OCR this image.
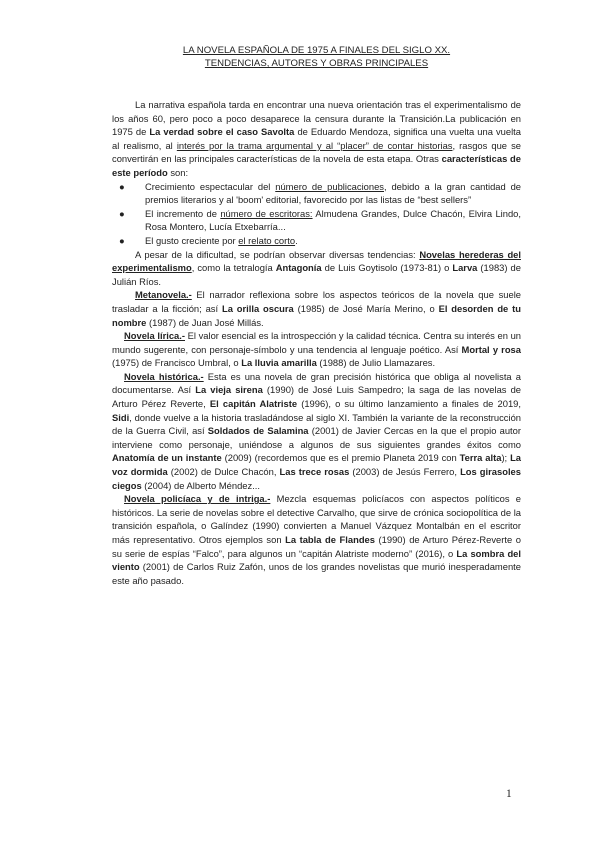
LA NOVELA ESPAÑOLA DE 1975 A FINALES DEL SIGLO XX.
TENDENCIAS, AUTORES Y OBRAS PRINCIPALES

La narrativa española tarda en encontrar una nueva orientación tras el experimentalismo de los años 60, pero poco a poco desaparece la censura durante la Transición.La publicación en 1975 de La verdad sobre el caso Savolta de Eduardo Mendoza, significa una vuelta una vuelta al realismo, al interés por la trama argumental y al “placer” de contar historias, rasgos que se convertirán en las principales características de la novela de esta etapa. Otras características de este período son:

● Crecimiento espectacular del número de publicaciones, debido a la gran cantidad de premios literarios y al 'boom' editorial, favorecido por las listas de “best sellers”
● El incremento de número de escritoras: Almudena Grandes, Dulce Chacón, Elvira Lindo, Rosa Montero, Lucía Etxebarría...
● El gusto creciente por el relato corto.

A pesar de la dificultad, se podrían observar diversas tendencias: Novelas herederas del experimentalismo, como la tetralogía Antagonía de Luis Goytisolo (1973-81) o Larva (1983) de Julián Ríos.

Metanovela.- El narrador reflexiona sobre los aspectos teóricos de la novela que suele trasladar a la ficción; así La orilla oscura (1985) de José María Merino, o El desorden de tu nombre (1987) de Juan José Millás.

Novela lírica.- El valor esencial es la introspección y la calidad técnica. Centra su interés en un mundo sugerente, con personaje-símbolo y una tendencia al lenguaje poético. Así Mortal y rosa (1975) de Francisco Umbral, o La lluvia amarilla (1988) de Julio Llamazares.

Novela histórica.- Esta es una novela de gran precisión histórica que obliga al novelista a documentarse. Así La vieja sirena (1990) de José Luis Sampedro; la saga de las novelas de Arturo Pérez Reverte, El capitán Alatriste (1996), o su último lanzamiento a finales de 2019, Sidi, donde vuelve a la historia trasladándose al siglo XI. También la variante de la reconstrucción de la Guerra Civil, así Soldados de Salamina (2001) de Javier Cercas en la que el propio autor interviene como personaje, uniéndose a algunos de sus siguientes grandes éxitos como Anatomía de un instante (2009) (recordemos que es el premio Planeta 2019 con Terra alta); La voz dormida (2002) de Dulce Chacón, Las trece rosas (2003) de Jesús Ferrero, Los girasoles ciegos (2004) de Alberto Méndez...

Novela policíaca y de intriga.- Mezcla esquemas policíacos con aspectos políticos e históricos. La serie de novelas sobre el detective Carvalho, que sirve de crónica sociopolítica de la transición española, o Galíndez (1990) convierten a Manuel Vázquez Montalbán en el escritor más representativo. Otros ejemplos son La tabla de Flandes (1990) de Arturo Pérez-Reverte o su serie de espías “Falco”, para algunos un “capitán Alatriste moderno” (2016), o La sombra del viento (2001) de Carlos Ruiz Zafón, unos de los grandes novelistas que murió inesperadamente este año pasado.

1
